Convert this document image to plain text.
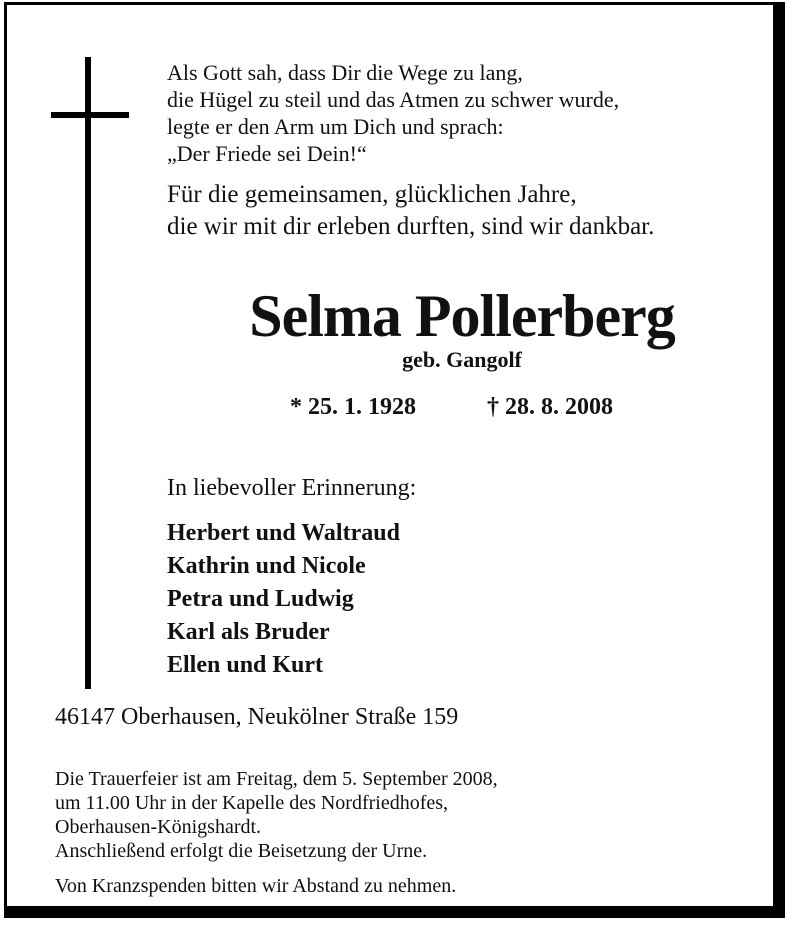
Als Gott sah, dass Dir die Wege zu lang,
die Hügel zu steil und das Atmen zu schwer wurde,
legte er den Arm um Dich und sprach:
„Der Friede sei Dein!“

Für die gemeinsamen, glücklichen Jahre,
die wir mit dir erleben durften, sind wir dankbar.

Selma Pollerberg
geb. Gangolf
* 25. 1. 1928	† 28. 8. 2008

In liebevoller Erinnerung:

Herbert und Waltraud
Kathrin und Nicole
Petra und Ludwig
Karl als Bruder
Ellen und Kurt
46147 Oberhausen, Neukölner Straße 159

Die Trauerfeier ist am Freitag, dem 5. September 2008,
um 11.00 Uhr in der Kapelle des Nordfriedhofes,
Oberhausen-Königshardt.
Anschließend erfolgt die Beisetzung der Urne.

Von Kranzspenden bitten wir Abstand zu nehmen.
